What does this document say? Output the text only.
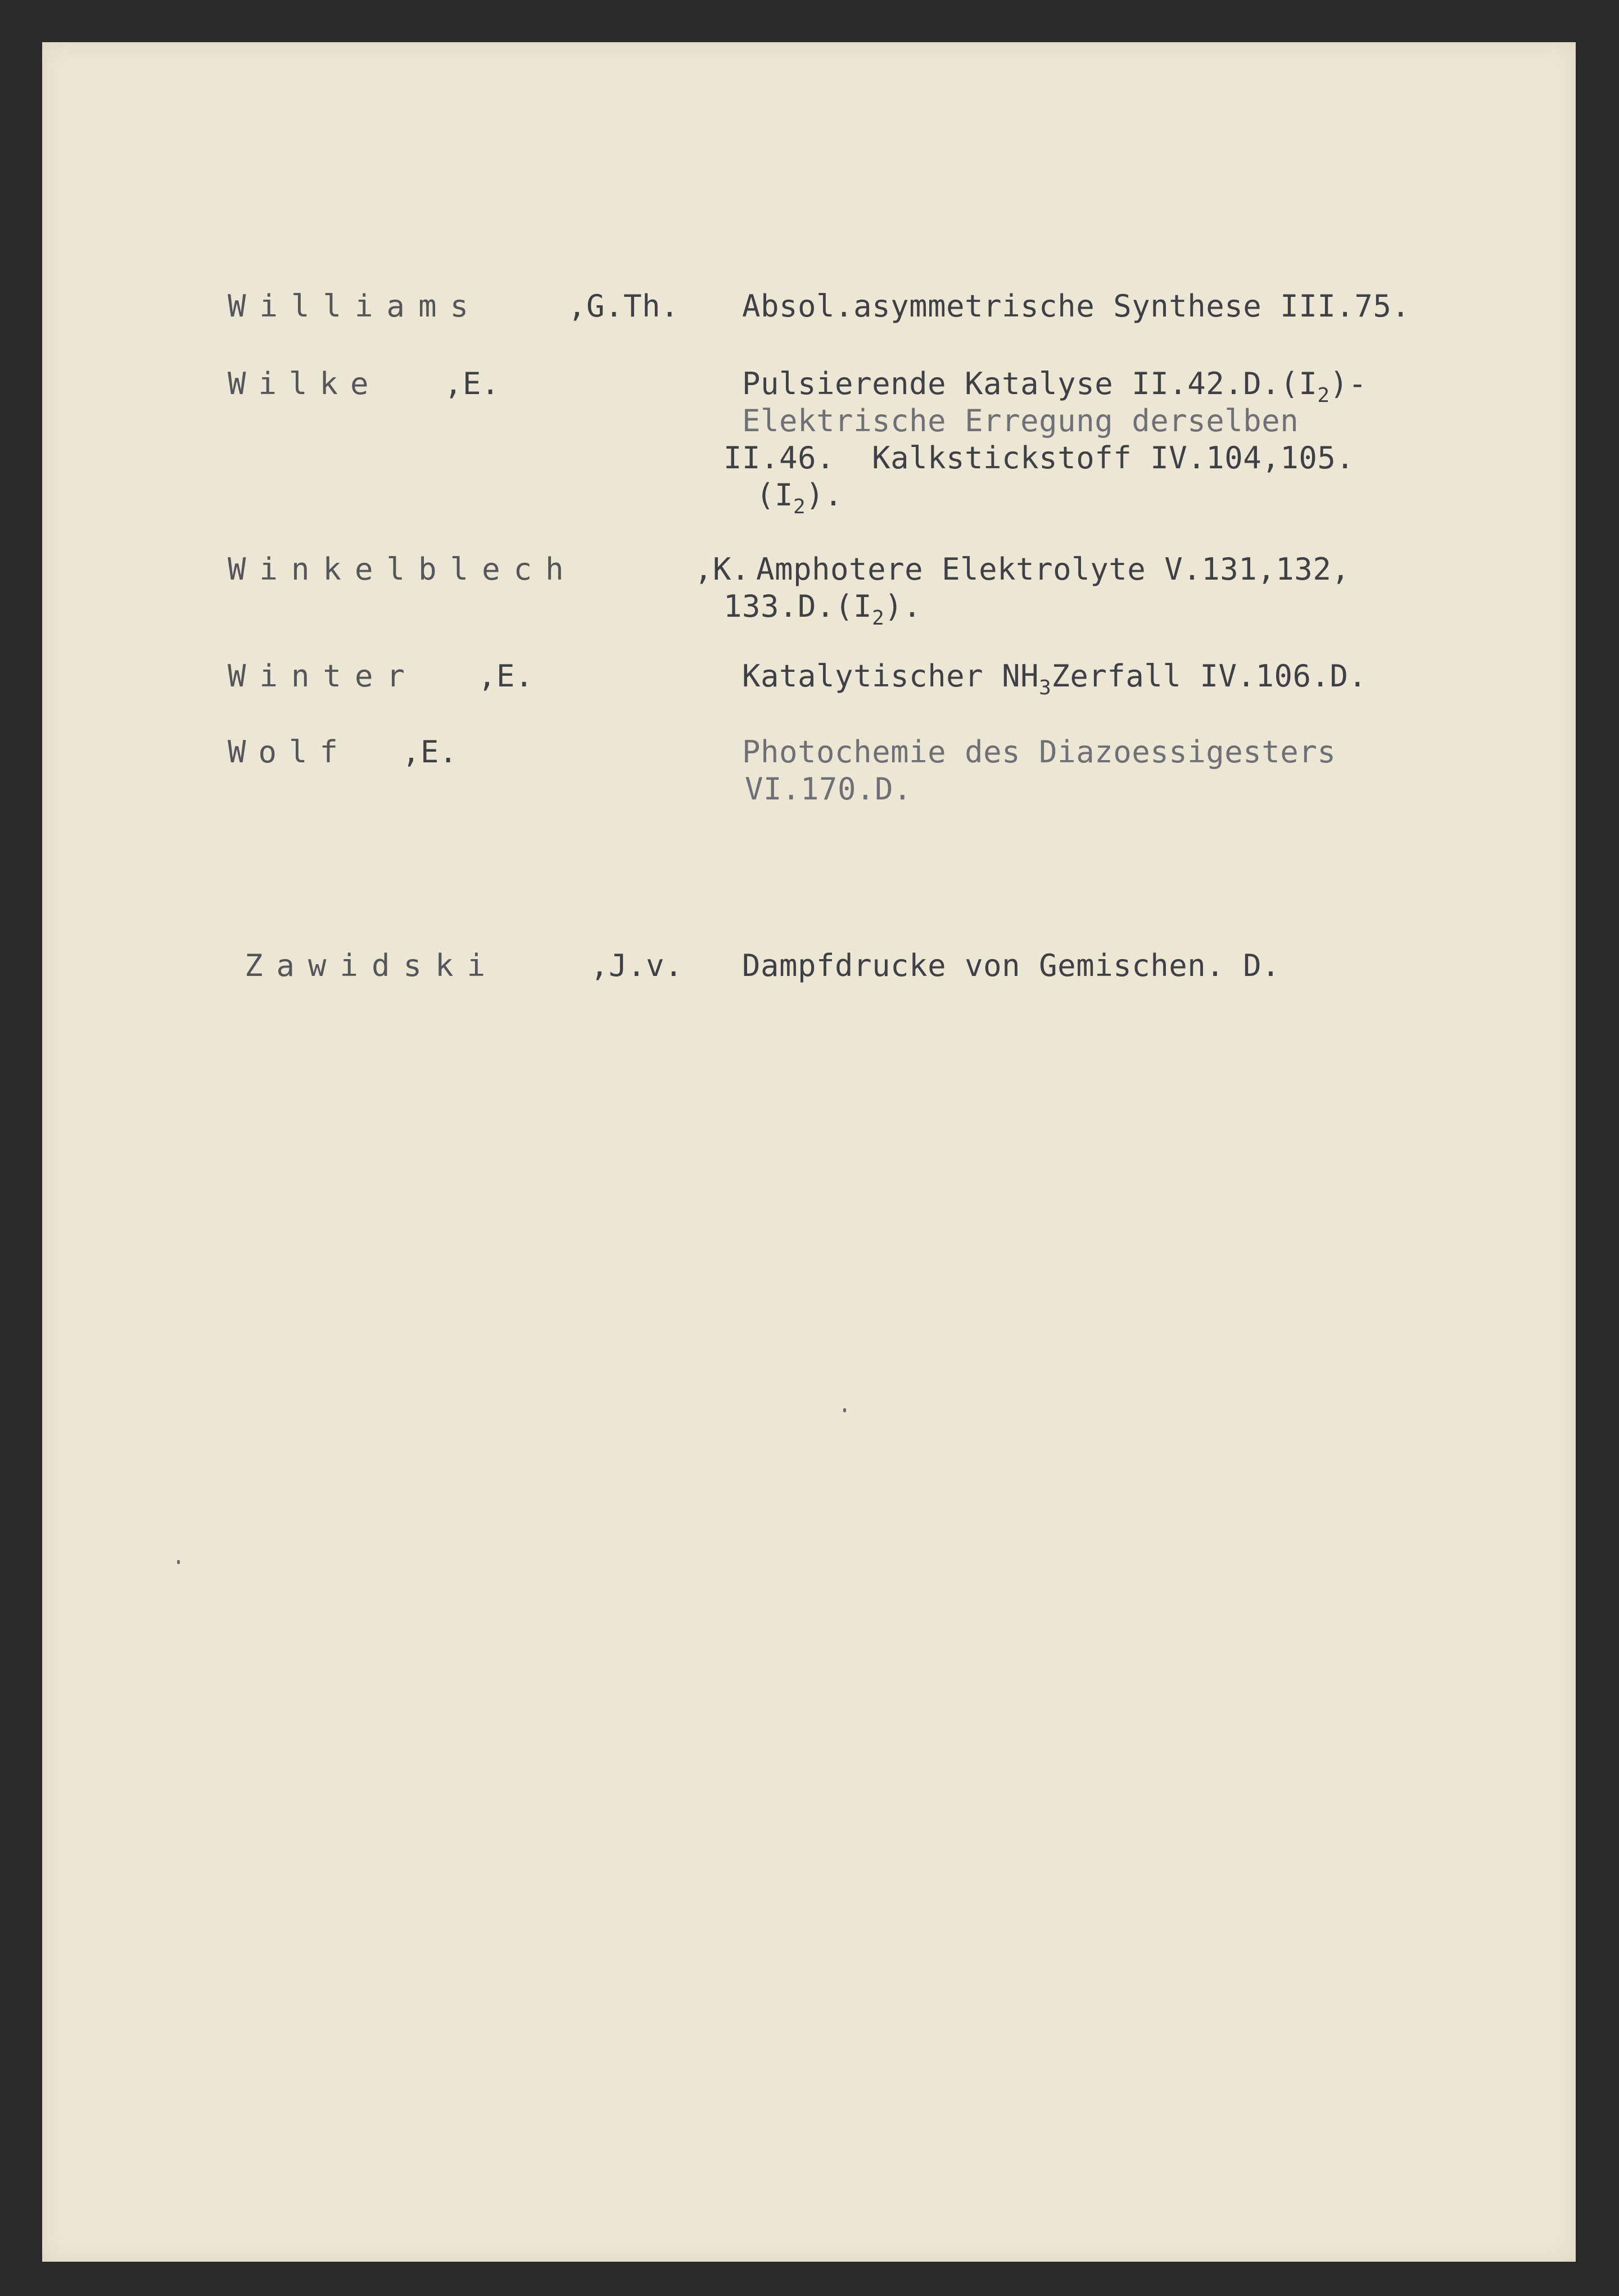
Williams	,G.Th. Absol.asymmetrische Synthese III.75.
Wilke ,E.	Pulsierende Katalyse $II.42.D.(I_2)-$
Elektrische Erregung derselben
II.46.  Kalkstickstoff IV.104,105.
$(I_2)$.
Winkelblech	,K. Amphotere Elektrolyte V.131,132,
$133.D.(I_2)$.
Winter ,E.	Katalytischer $NH_3Zerfall$ IV.106.D.
Wolf ,E.	Photochemie des Diazoessigesters
VI.170.D.
Zawidski	,J.v. Dampfdrucke von Gemischen. D.
